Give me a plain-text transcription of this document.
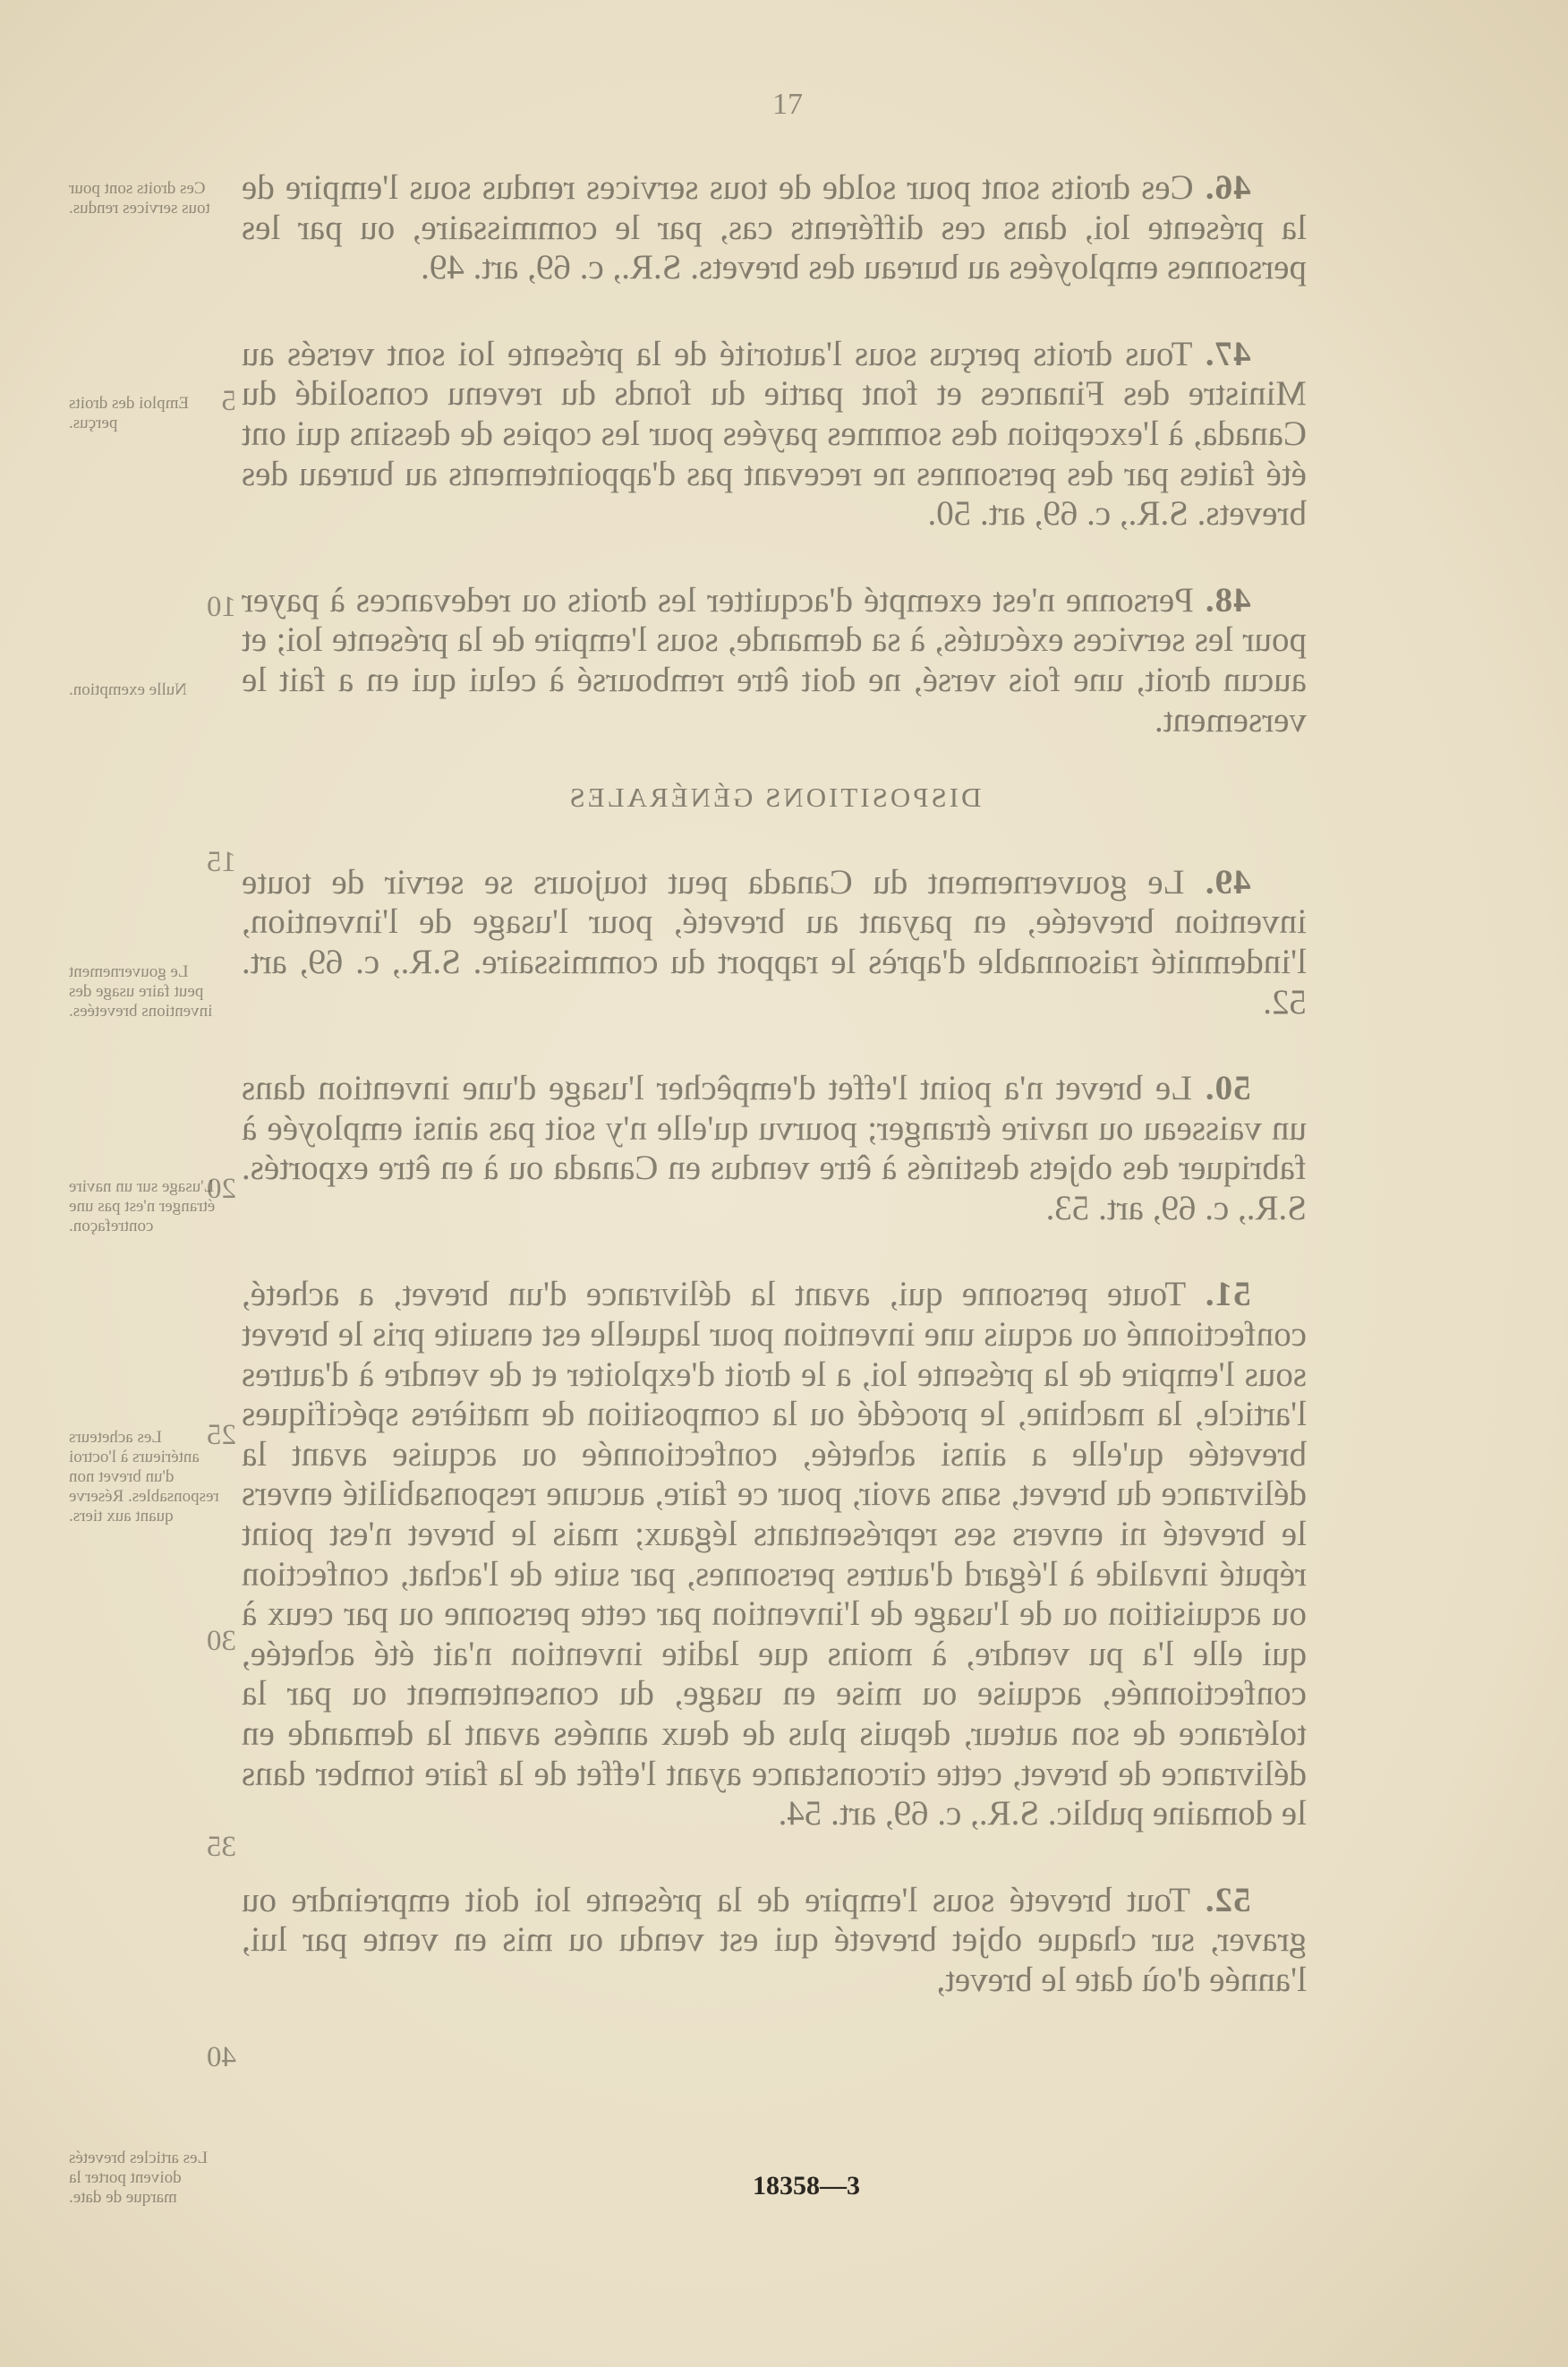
17

46. Ces droits sont pour solde de tous services rendus sous l'empire de la présente loi, dans ces différents cas, par le commissaire, ou par les personnes employées au bureau des brevets. S.R., c. 69, art. 49.

47. Tous droits perçus sous l'autorité de la présente loi sont versés au Ministre des Finances et font partie du fonds du revenu consolidé du Canada, à l'exception des sommes payées pour les copies de dessins qui ont été faites par des personnes ne recevant pas d'appointements au bureau des brevets. S.R., c. 69, art. 50.

48. Personne n'est exempté d'acquitter les droits ou redevances à payer pour les services exécutés, à sa demande, sous l'empire de la présente loi; et aucun droit, une fois versé, ne doit être remboursé à celui qui en a fait le versement.

DISPOSITIONS GÉNÉRALES

49. Le gouvernement du Canada peut toujours se servir de toute invention brevetée, en payant au breveté, pour l'usage de l'invention, l'indemnité raisonnable d'après le rapport du commissaire. S.R., c. 69, art. 52.

50. Le brevet n'a point l'effet d'empêcher l'usage d'une invention dans un vaisseau ou navire étranger; pourvu qu'elle n'y soit pas ainsi employée à fabriquer des objets destinés à être vendus en Canada ou à en être exportés. S.R., c. 69, art. 53.

51. Toute personne qui, avant la délivrance d'un brevet, a acheté, confectionné ou acquis une invention pour laquelle est ensuite pris le brevet sous l'empire de la présente loi, a le droit d'exploiter et de vendre à d'autres l'article, la machine, le procédé ou la composition de matières spécifiques brevetée qu'elle a ainsi achetée, confectionnée ou acquise avant la délivrance du brevet, sans avoir, pour ce faire, aucune responsabilité envers le breveté ni envers ses représentants légaux; mais le brevet n'est point réputé invalide à l'égard d'autres personnes, par suite de l'achat, confection ou acquisition ou de l'usage de l'invention par cette personne ou par ceux à qui elle l'a pu vendre, à moins que ladite invention n'ait été achetée, confectionnée, acquise ou mise en usage, du consentement ou par la tolérance de son auteur, depuis plus de deux années avant la demande en délivrance de brevet, cette circonstance ayant l'effet de la faire tomber dans le domaine public. S.R., c. 69, art. 54.

52. Tout breveté sous l'empire de la présente loi doit empreindre ou graver, sur chaque objet breveté qui est vendu ou mis en vente par lui, l'année d'où date le brevet,

Ces droits sont pour tous services rendus.
Emploi des droits perçus.
Nulle exemption.
Le gouvernement peut faire usage des inventions brevetées.
L'usage sur un navire étranger n'est pas une contrefaçon.
Les acheteurs antérieurs à l'octroi d'un brevet non responsables. Réserve quant aux tiers.
Les articles brevetés doivent porter la marque de date.
5
10
15
20
25
30
35
40
18358—3
